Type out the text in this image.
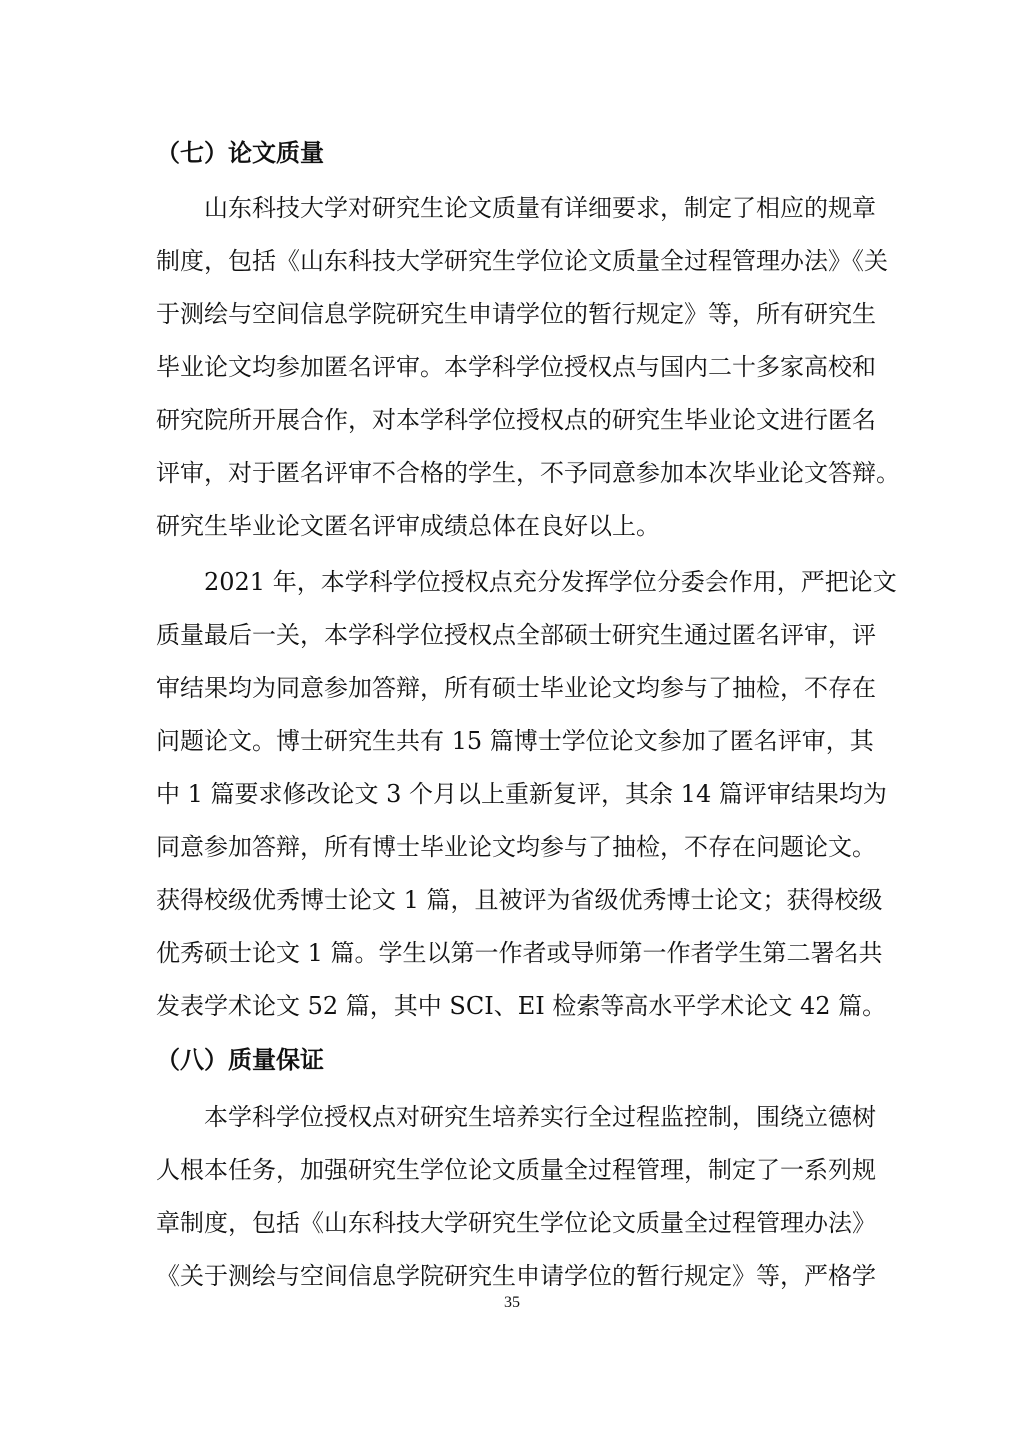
（七）论文质量
山东科技大学对研究生论文质量有详细要求，制定了相应的规章
制度，包括《山东科技大学研究生学位论文质量全过程管理办法》《关
于测绘与空间信息学院研究生申请学位的暂行规定》等，所有研究生
毕业论文均参加匿名评审。本学科学位授权点与国内二十多家高校和
研究院所开展合作，对本学科学位授权点的研究生毕业论文进行匿名
评审，对于匿名评审不合格的学生，不予同意参加本次毕业论文答辩。
研究生毕业论文匿名评审成绩总体在良好以上。
2021 年，本学科学位授权点充分发挥学位分委会作用，严把论文
质量最后一关，本学科学位授权点全部硕士研究生通过匿名评审，评
审结果均为同意参加答辩，所有硕士毕业论文均参与了抽检，不存在
问题论文。博士研究生共有 15 篇博士学位论文参加了匿名评审，其
中 1 篇要求修改论文 3 个月以上重新复评，其余 14 篇评审结果均为
同意参加答辩，所有博士毕业论文均参与了抽检，不存在问题论文。
获得校级优秀博士论文 1 篇，且被评为省级优秀博士论文；获得校级
优秀硕士论文 1 篇。学生以第一作者或导师第一作者学生第二署名共
发表学术论文 52 篇，其中 SCI、EI 检索等高水平学术论文 42 篇。
（八）质量保证
本学科学位授权点对研究生培养实行全过程监控制，围绕立德树
人根本任务，加强研究生学位论文质量全过程管理，制定了一系列规
章制度，包括《山东科技大学研究生学位论文质量全过程管理办法》
《关于测绘与空间信息学院研究生申请学位的暂行规定》等，严格学
35
